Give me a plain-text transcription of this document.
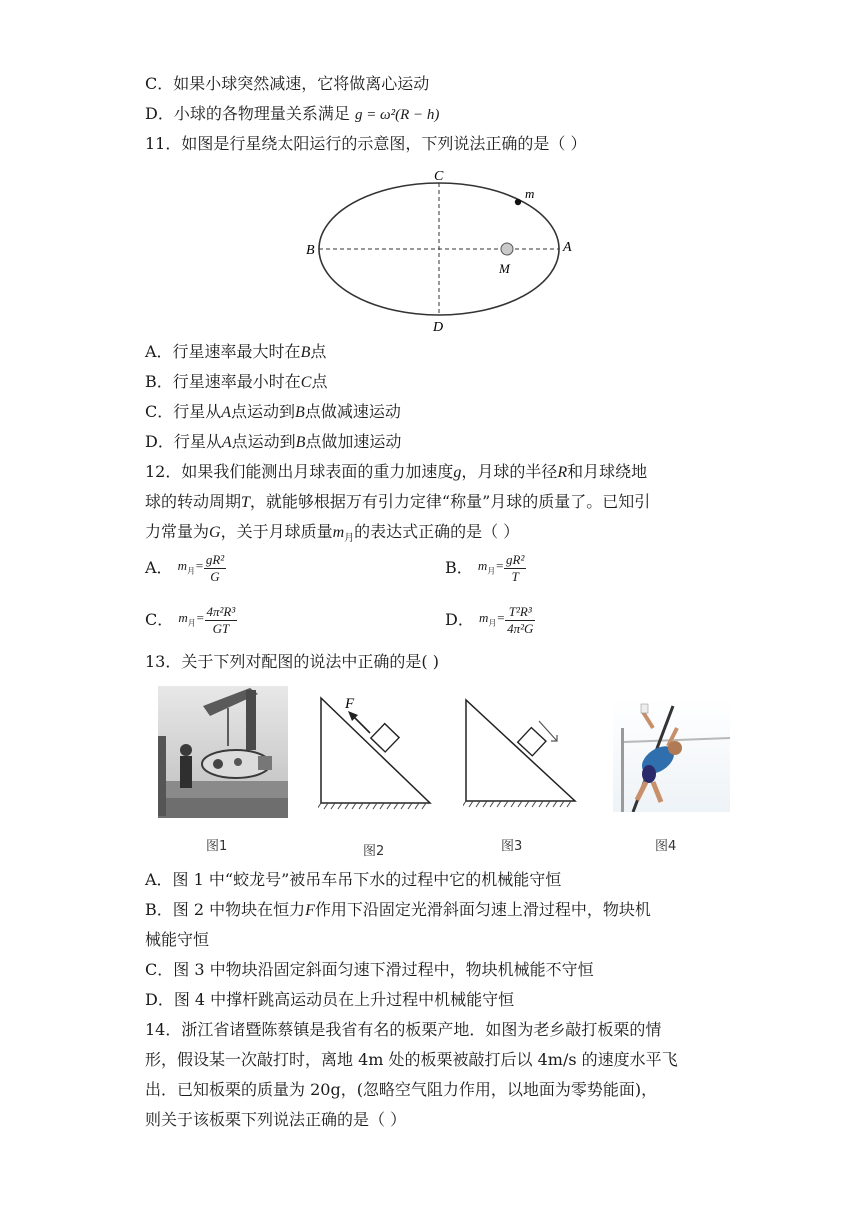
C．如果小球突然减速，它将做离心运动
D．小球的各物理量关系满足 g = ω²(R − h)
11．如图是行星绕太阳运行的示意图，下列说法正确的是（ ）
C
D
B	A
M
m
A．行星速率最大时在B点
B．行星速率最小时在C点
C．行星从A点运动到B点做减速运动
D．行星从A点运动到B点做加速运动
12．如果我们能测出月球表面的重力加速度g，月球的半径R和月球绕地
球的转动周期T，就能够根据万有引力定律“称量”月球的质量了。已知引
力常量为G，关于月球质量$m_月$的表达式正确的是（ ）
A． $m_月= \frac{\text{gR²}}{G}$	B． $m_月= \frac{\text{gR²}}{T}$
C． $m_月= \frac{\text{4π²R³}}{GT}$	D． $m_月= \frac{\text{T²R³}}{\text{4π²G}}$
13．关于下列对配图的说法中正确的是( )
F
图1	图2	图3	图4
A．图 1 中“蛟龙号”被吊车吊下水的过程中它的机械能守恒
B．图 2 中物块在恒力F作用下沿固定光滑斜面匀速上滑过程中，物块机
械能守恒
C．图 3 中物块沿固定斜面匀速下滑过程中，物块机械能不守恒
D．图 4 中撑杆跳高运动员在上升过程中机械能守恒
14．浙江省诸暨陈蔡镇是我省有名的板栗产地．如图为老乡敲打板栗的情
形，假设某一次敲打时，离地 4m 处的板栗被敲打后以 4m/s 的速度水平飞
出．已知板栗的质量为 20g，(忽略空气阻力作用，以地面为零势能面)，
则关于该板栗下列说法正确的是（ ）
